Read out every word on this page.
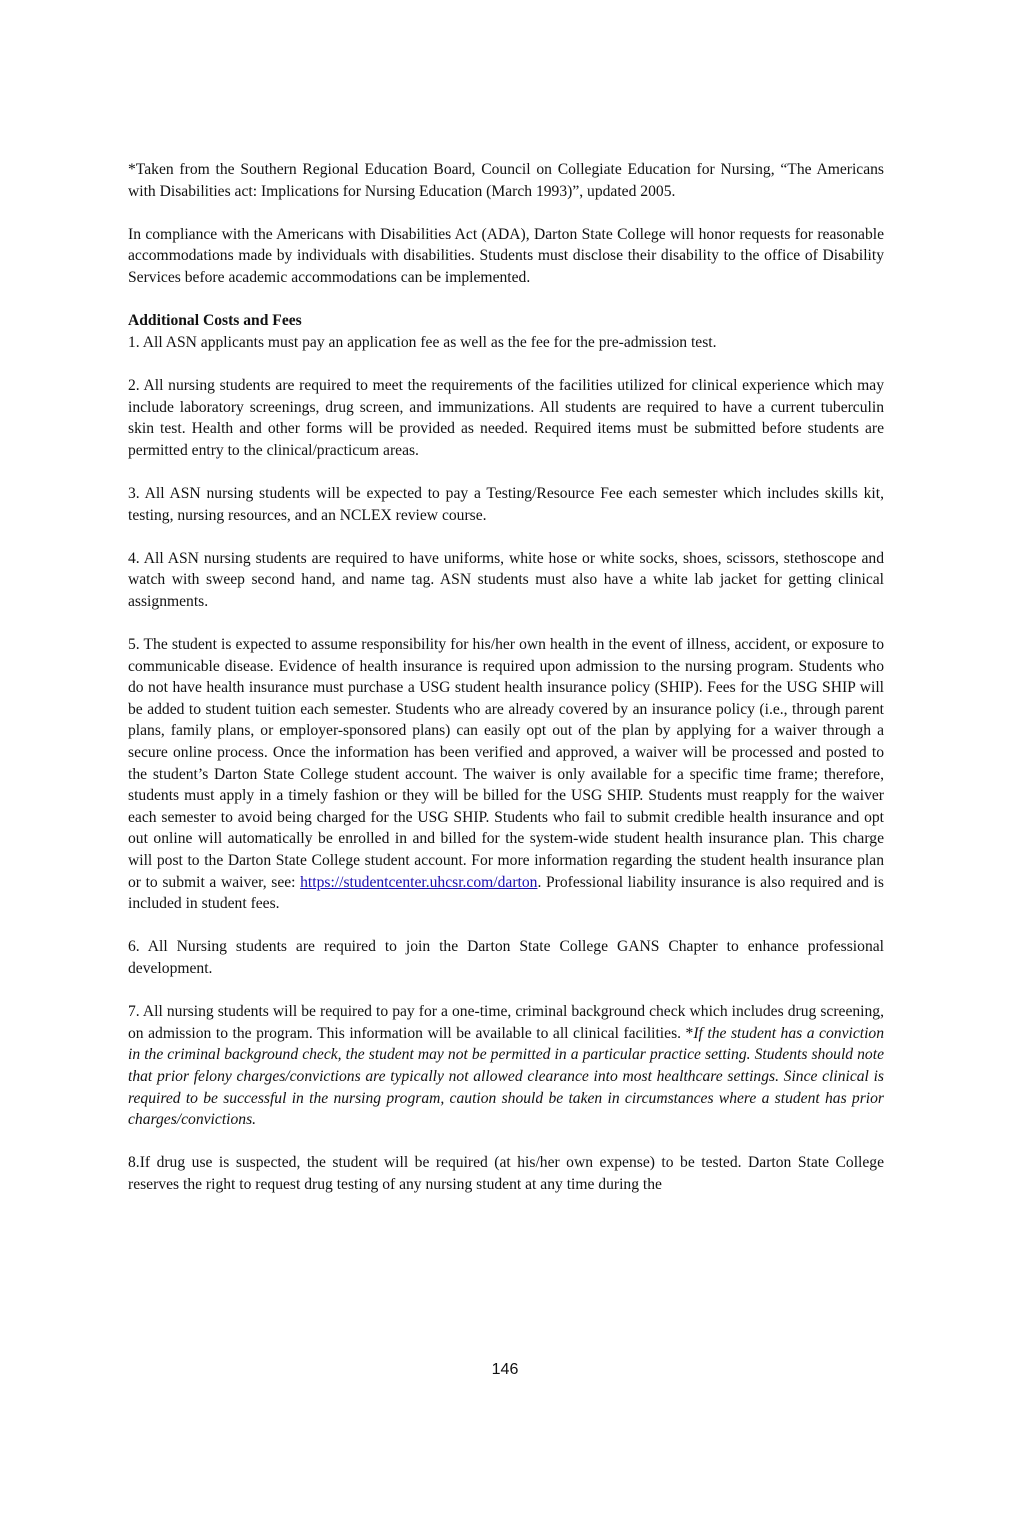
*Taken from the Southern Regional Education Board, Council on Collegiate Education for Nursing, “The Americans with Disabilities act: Implications for Nursing Education (March 1993)”, updated 2005.

In compliance with the Americans with Disabilities Act (ADA), Darton State College will honor requests for reasonable accommodations made by individuals with disabilities. Students must disclose their disability to the office of Disability Services before academic accommodations can be implemented.

Additional Costs and Fees

1. All ASN applicants must pay an application fee as well as the fee for the pre-admission test.

2. All nursing students are required to meet the requirements of the facilities utilized for clinical experience which may include laboratory screenings, drug screen, and immunizations. All students are required to have a current tuberculin skin test. Health and other forms will be provided as needed. Required items must be submitted before students are permitted entry to the clinical/practicum areas.

3. All ASN nursing students will be expected to pay a Testing/Resource Fee each semester which includes skills kit, testing, nursing resources, and an NCLEX review course.

4. All ASN nursing students are required to have uniforms, white hose or white socks, shoes, scissors, stethoscope and watch with sweep second hand, and name tag. ASN students must also have a white lab jacket for getting clinical assignments.

5. The student is expected to assume responsibility for his/her own health in the event of illness, accident, or exposure to communicable disease. Evidence of health insurance is required upon admission to the nursing program. Students who do not have health insurance must purchase a USG student health insurance policy (SHIP). Fees for the USG SHIP will be added to student tuition each semester. Students who are already covered by an insurance policy (i.e., through parent plans, family plans, or employer-sponsored plans) can easily opt out of the plan by applying for a waiver through a secure online process. Once the information has been verified and approved, a waiver will be processed and posted to the student’s Darton State College student account. The waiver is only available for a specific time frame; therefore, students must apply in a timely fashion or they will be billed for the USG SHIP. Students must reapply for the waiver each semester to avoid being charged for the USG SHIP. Students who fail to submit credible health insurance and opt out online will automatically be enrolled in and billed for the system-wide student health insurance plan. This charge will post to the Darton State College student account. For more information regarding the student health insurance plan or to submit a waiver, see: https://studentcenter.uhcsr.com/darton. Professional liability insurance is also required and is included in student fees.

6. All Nursing students are required to join the Darton State College GANS Chapter to enhance professional development.

7. All nursing students will be required to pay for a one-time, criminal background check which includes drug screening, on admission to the program. This information will be available to all clinical facilities. *If the student has a conviction in the criminal background check, the student may not be permitted in a particular practice setting. Students should note that prior felony charges/convictions are typically not allowed clearance into most healthcare settings. Since clinical is required to be successful in the nursing program, caution should be taken in circumstances where a student has prior charges/convictions.

8.If drug use is suspected, the student will be required (at his/her own expense) to be tested. Darton State College reserves the right to request drug testing of any nursing student at any time during the

146
